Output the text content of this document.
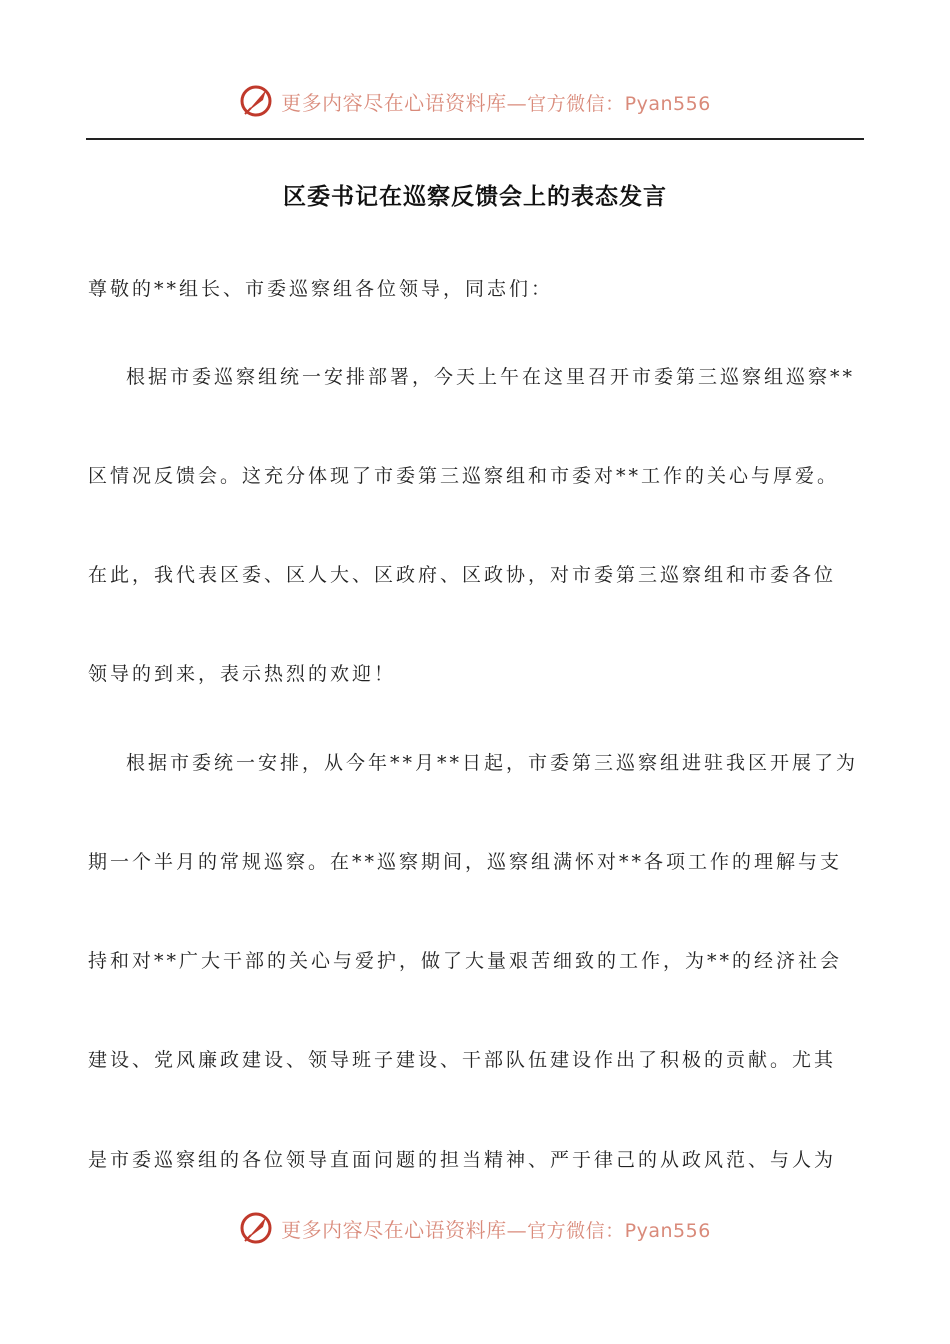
更多内容尽在心语资料库—官方微信：Pyan556
区委书记在巡察反馈会上的表态发言
尊敬的**组长、市委巡察组各位领导，同志们：
根据市委巡察组统一安排部署，今天上午在这里召开市委第三巡察组巡察**
区情况反馈会。这充分体现了市委第三巡察组和市委对**工作的关心与厚爱。
在此，我代表区委、区人大、区政府、区政协，对市委第三巡察组和市委各位
领导的到来，表示热烈的欢迎！
根据市委统一安排，从今年**月**日起，市委第三巡察组进驻我区开展了为
期一个半月的常规巡察。在**巡察期间，巡察组满怀对**各项工作的理解与支
持和对**广大干部的关心与爱护，做了大量艰苦细致的工作，为**的经济社会
建设、党风廉政建设、领导班子建设、干部队伍建设作出了积极的贡献。尤其
是市委巡察组的各位领导直面问题的担当精神、严于律己的从政风范、与人为
更多内容尽在心语资料库—官方微信：Pyan556
